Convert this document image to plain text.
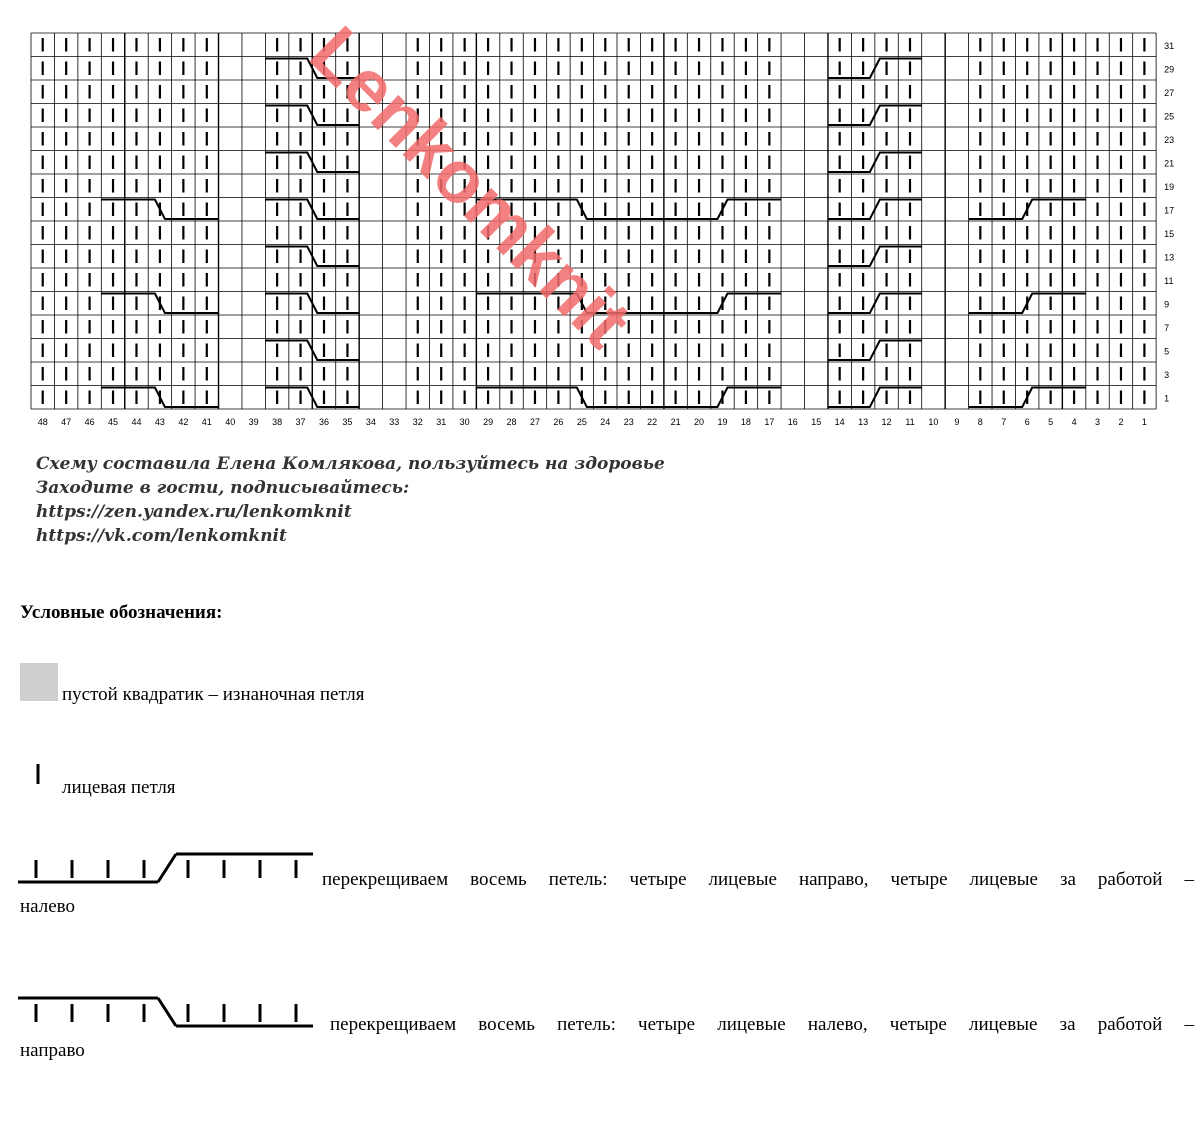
48 47 46 45 44 43 42 41 40 39 38 37 36 35 34 33 32 31 30 29 28 27 26 25 24 23 22 21 20 19 18 17 16 15 14 13 12 11 10 9 8 7 6 5 4 3 2 1
31
29
27
25
23
21
19
17
15
13
11
9
7
5
3
1
Lenkomknit
Схему составила Елена Комлякова, пользуйтесь на здоровье
Заходите в гости, подписывайтесь:
https://zen.yandex.ru/lenkomknit
https://vk.com/lenkomknit
Условные обозначения:
пустой квадратик – изнаночная петля
лицевая петля
перекрещиваем восемь петель: четыре лицевые направо, четыре лицевые за работой –
налево
перекрещиваем восемь петель: четыре лицевые налево, четыре лицевые за работой –
направо
